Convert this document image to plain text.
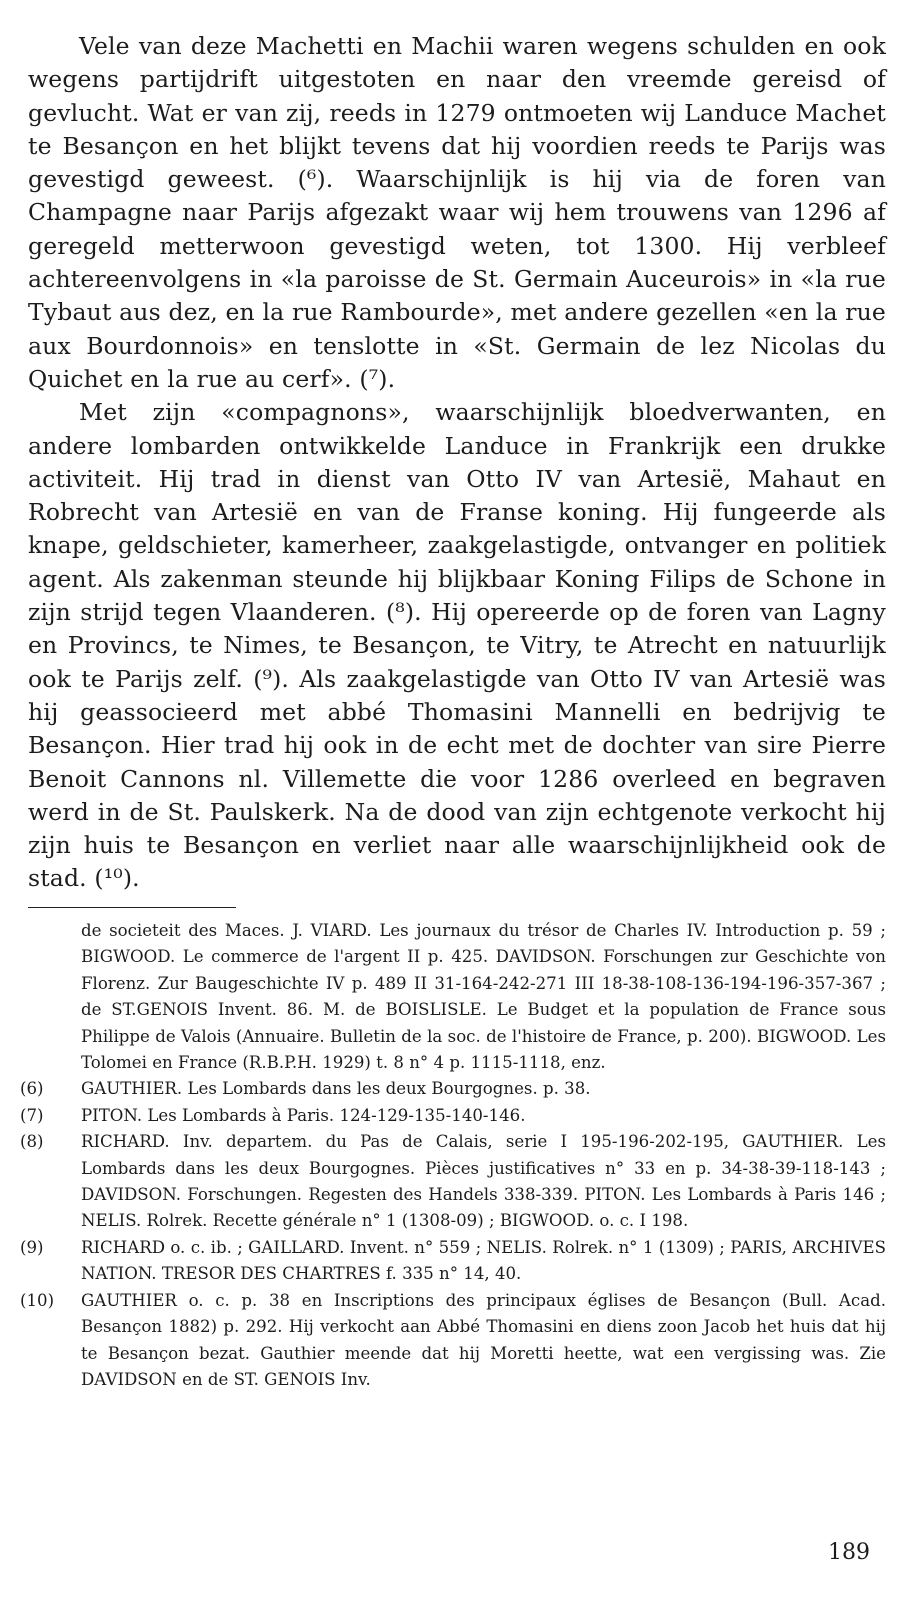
Vele van deze Machetti en Machii waren wegens schulden en ook wegens partijdrift uitgestoten en naar den vreemde gereisd of gevlucht. Wat er van zij, reeds in 1279 ontmoeten wij Landuce Machet te Besançon en het blijkt tevens dat hij voordien reeds te Parijs was gevestigd geweest. (⁶). Waarschijnlijk is hij via de foren van Champagne naar Parijs afgezakt waar wij hem trouwens van 1296 af geregeld metterwoon gevestigd weten, tot 1300. Hij verbleef achtereenvolgens in «la paroisse de St. Germain Auceurois» in «la rue Tybaut aus dez, en la rue Rambourde», met andere gezellen «en la rue aux Bourdonnois» en tenslotte in «St. Germain de lez Nicolas du Quichet en la rue au cerf». (⁷).

Met zijn «compagnons», waarschijnlijk bloedverwanten, en andere lombarden ontwikkelde Landuce in Frankrijk een drukke activiteit. Hij trad in dienst van Otto IV van Artesië, Mahaut en Robrecht van Artesië en van de Franse koning. Hij fungeerde als knape, geldschieter, kamerheer, zaakgelastigde, ontvanger en politiek agent. Als zakenman steunde hij blijkbaar Koning Filips de Schone in zijn strijd tegen Vlaanderen. (⁸). Hij opereerde op de foren van Lagny en Provincs, te Nimes, te Besançon, te Vitry, te Atrecht en natuurlijk ook te Parijs zelf. (⁹). Als zaakgelastigde van Otto IV van Artesië was hij geassocieerd met abbé Thomasini Mannelli en bedrijvig te Besançon. Hier trad hij ook in de echt met de dochter van sire Pierre Benoit Cannons nl. Villemette die voor 1286 overleed en begraven werd in de St. Paulskerk. Na de dood van zijn echtgenote verkocht hij zijn huis te Besançon en verliet naar alle waarschijnlijkheid ook de stad. (¹⁰).

de societeit des Maces. J. VIARD. Les journaux du trésor de Charles IV. Introduction p. 59 ; BIGWOOD. Le commerce de l'argent II p. 425. DAVIDSON. Forschungen zur Geschichte von Florenz. Zur Baugeschichte IV p. 489 II 31-164-242-271 III 18-38-108-136-194-196-357-367 ; de ST.GENOIS Invent. 86. M. de BOISLISLE. Le Budget et la population de France sous Philippe de Valois (Annuaire. Bulletin de la soc. de l'histoire de France, p. 200). BIGWOOD. Les Tolomei en France (R.B.P.H. 1929) t. 8 n° 4 p. 1115-1118, enz.
(6)	GAUTHIER. Les Lombards dans les deux Bourgognes. p. 38.
(7)	PITON. Les Lombards à Paris. 124-129-135-140-146.
(8)	RICHARD. Inv. departem. du Pas de Calais, serie I 195-196-202-195, GAUTHIER. Les Lombards dans les deux Bourgognes. Pièces justificatives n° 33 en p. 34-38-39-118-143 ; DAVIDSON. Forschungen. Regesten des Handels 338-339. PITON. Les Lombards à Paris 146 ; NELIS. Rolrek. Recette générale n° 1 (1308-09) ; BIGWOOD. o. c. I 198.
(9)	RICHARD o. c. ib. ; GAILLARD. Invent. n° 559 ; NELIS. Rolrek. n° 1 (1309) ; PARIS, ARCHIVES NATION. TRESOR DES CHARTRES f. 335 n° 14, 40.
(10)	GAUTHIER o. c. p. 38 en Inscriptions des principaux églises de Besançon (Bull. Acad. Besançon 1882) p. 292. Hij verkocht aan Abbé Thomasini en diens zoon Jacob het huis dat hij te Besançon bezat. Gauthier meende dat hij Moretti heette, wat een vergissing was. Zie DAVIDSON en de ST. GENOIS Inv.
189
